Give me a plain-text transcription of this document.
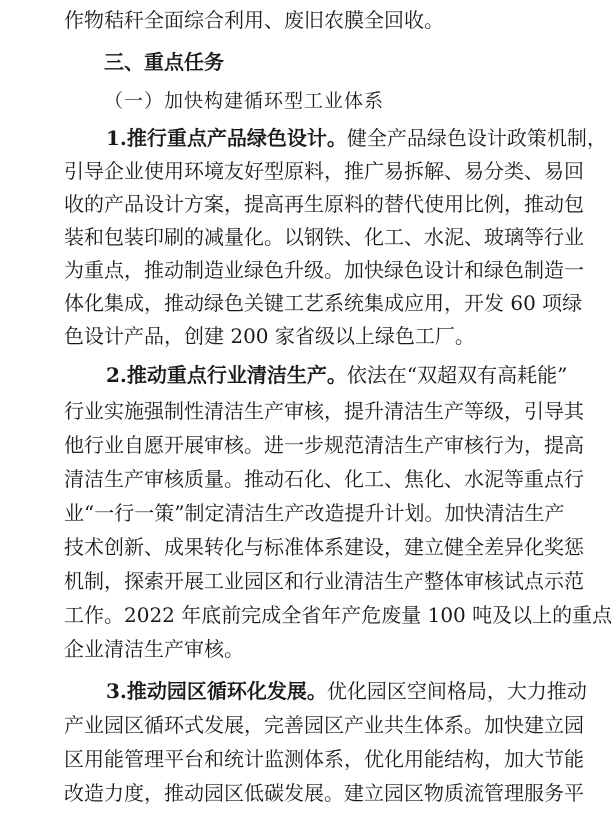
作物秸秆全面综合利用、废旧农膜全回收。
三、重点任务
（一）加快构建循环型工业体系
1.推行重点产品绿色设计。健全产品绿色设计政策机制，
引导企业使用环境友好型原料，推广易拆解、易分类、易回
收的产品设计方案，提高再生原料的替代使用比例，推动包
装和包装印刷的减量化。以钢铁、化工、水泥、玻璃等行业
为重点，推动制造业绿色升级。加快绿色设计和绿色制造一
体化集成，推动绿色关键工艺系统集成应用，开发 60 项绿
色设计产品，创建 200 家省级以上绿色工厂。
2.推动重点行业清洁生产。依法在“双超双有高耗能”
行业实施强制性清洁生产审核，提升清洁生产等级，引导其
他行业自愿开展审核。进一步规范清洁生产审核行为，提高
清洁生产审核质量。推动石化、化工、焦化、水泥等重点行
业“一行一策”制定清洁生产改造提升计划。加快清洁生产
技术创新、成果转化与标准体系建设，建立健全差异化奖惩
机制，探索开展工业园区和行业清洁生产整体审核试点示范
工作。2022 年底前完成全省年产危废量 100 吨及以上的重点
企业清洁生产审核。
3.推动园区循环化发展。优化园区空间格局，大力推动
产业园区循环式发展，完善园区产业共生体系。加快建立园
区用能管理平台和统计监测体系，优化用能结构，加大节能
改造力度，推动园区低碳发展。建立园区物质流管理服务平
